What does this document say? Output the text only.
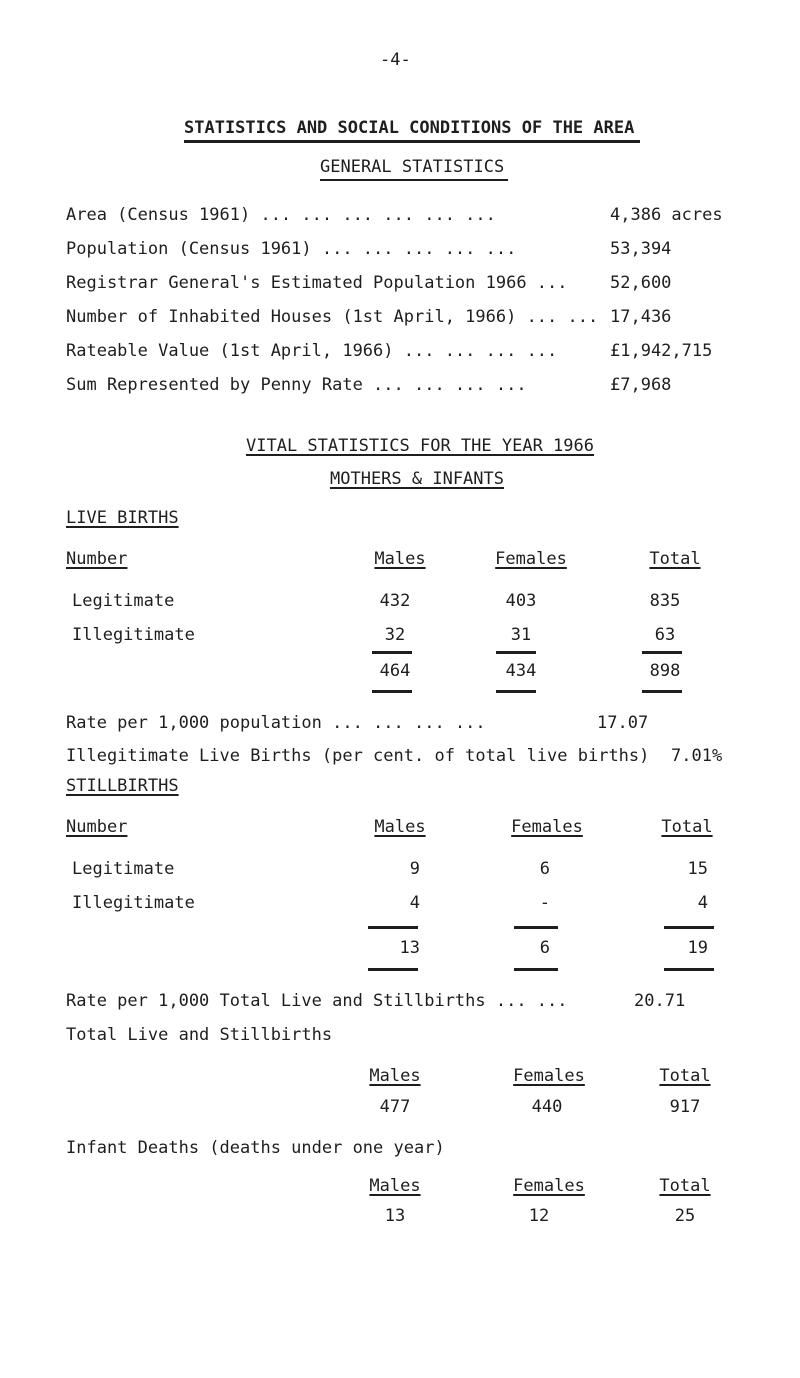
-4-
STATISTICS AND SOCIAL CONDITIONS OF THE AREA
GENERAL STATISTICS
Area (Census 1961) ... ... ... ... ... ...	4,386 acres
Population (Census 1961) ... ... ... ... ...	53,394
Registrar General's Estimated Population 1966 ... 52,600
Number of Inhabited Houses (1st April, 1966) ... ... 17,436
Rateable Value (1st April, 1966) ... ... ... ...	£1,942,715
Sum Represented by Penny Rate ... ... ... ...	£7,968
VITAL STATISTICS FOR THE YEAR 1966
MOTHERS & INFANTS
LIVE BIRTHS
Number	Males	Females	Total
Legitimate	432	403	835
Illegitimate	32	31	63
464	434	898
Rate per 1,000 population ... ... ... ...	17.07
Illegitimate Live Births (per cent. of total live births) 7.01%
STILLBIRTHS
Number	Males	Females	Total
Legitimate	9	6	15
Illegitimate	4	-	4
13	6	19
Rate per 1,000 Total Live and Stillbirths ... ...	20.71
Total Live and Stillbirths
Males	Females	Total
477	440	917
Infant Deaths (deaths under one year)
Males	Females	Total
13	12	25
